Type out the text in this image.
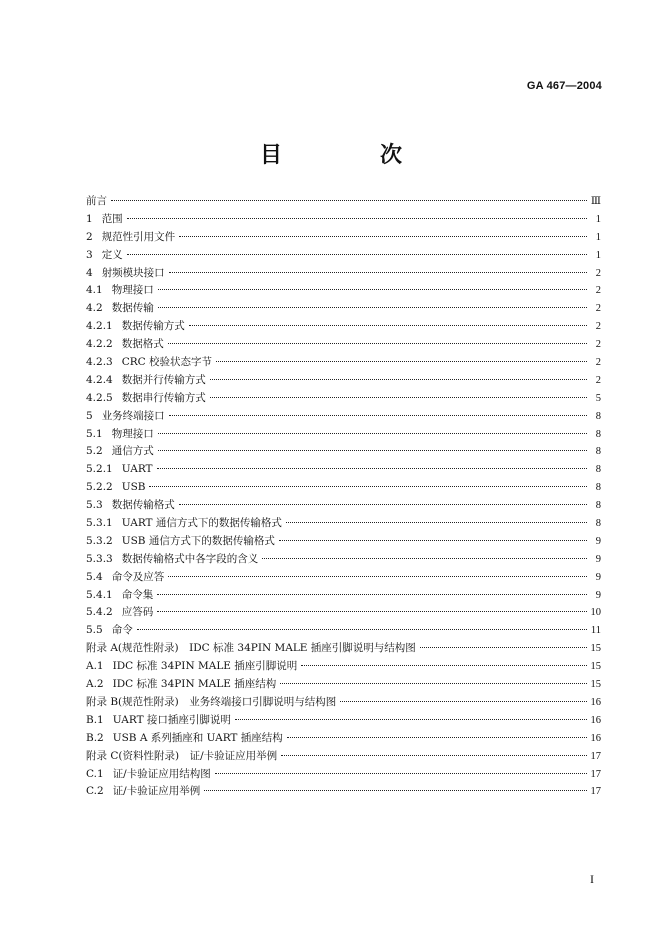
GA 467—2004
目　次
前言	Ⅲ
1 范围	1
2 规范性引用文件	1
3 定义	1
4 射频模块接口	2
4.1 物理接口	2
4.2 数据传输	2
4.2.1 数据传输方式	2
4.2.2 数据格式	2
4.2.3 CRC 校验状态字节	2
4.2.4 数据并行传输方式	2
4.2.5 数据串行传输方式	5
5 业务终端接口	8
5.1 物理接口	8
5.2 通信方式	8
5.2.1 UART	8
5.2.2 USB	8
5.3 数据传输格式	8
5.3.1 UART 通信方式下的数据传输格式	8
5.3.2 USB 通信方式下的数据传输格式	9
5.3.3 数据传输格式中各字段的含义	9
5.4 命令及应答	9
5.4.1 命令集	9
5.4.2 应答码	10
5.5 命令	11
附录 A(规范性附录)　IDC 标准 34PIN MALE 插座引脚说明与结构图	15
A.1 IDC 标准 34PIN MALE 插座引脚说明	15
A.2 IDC 标准 34PIN MALE 插座结构	15
附录 B(规范性附录)　业务终端接口引脚说明与结构图	16
B.1 UART 接口插座引脚说明	16
B.2 USB A 系列插座和 UART 插座结构	16
附录 C(资料性附录)　证/卡验证应用举例	17
C.1 证/卡验证应用结构图	17
C.2 证/卡验证应用举例	17
I
